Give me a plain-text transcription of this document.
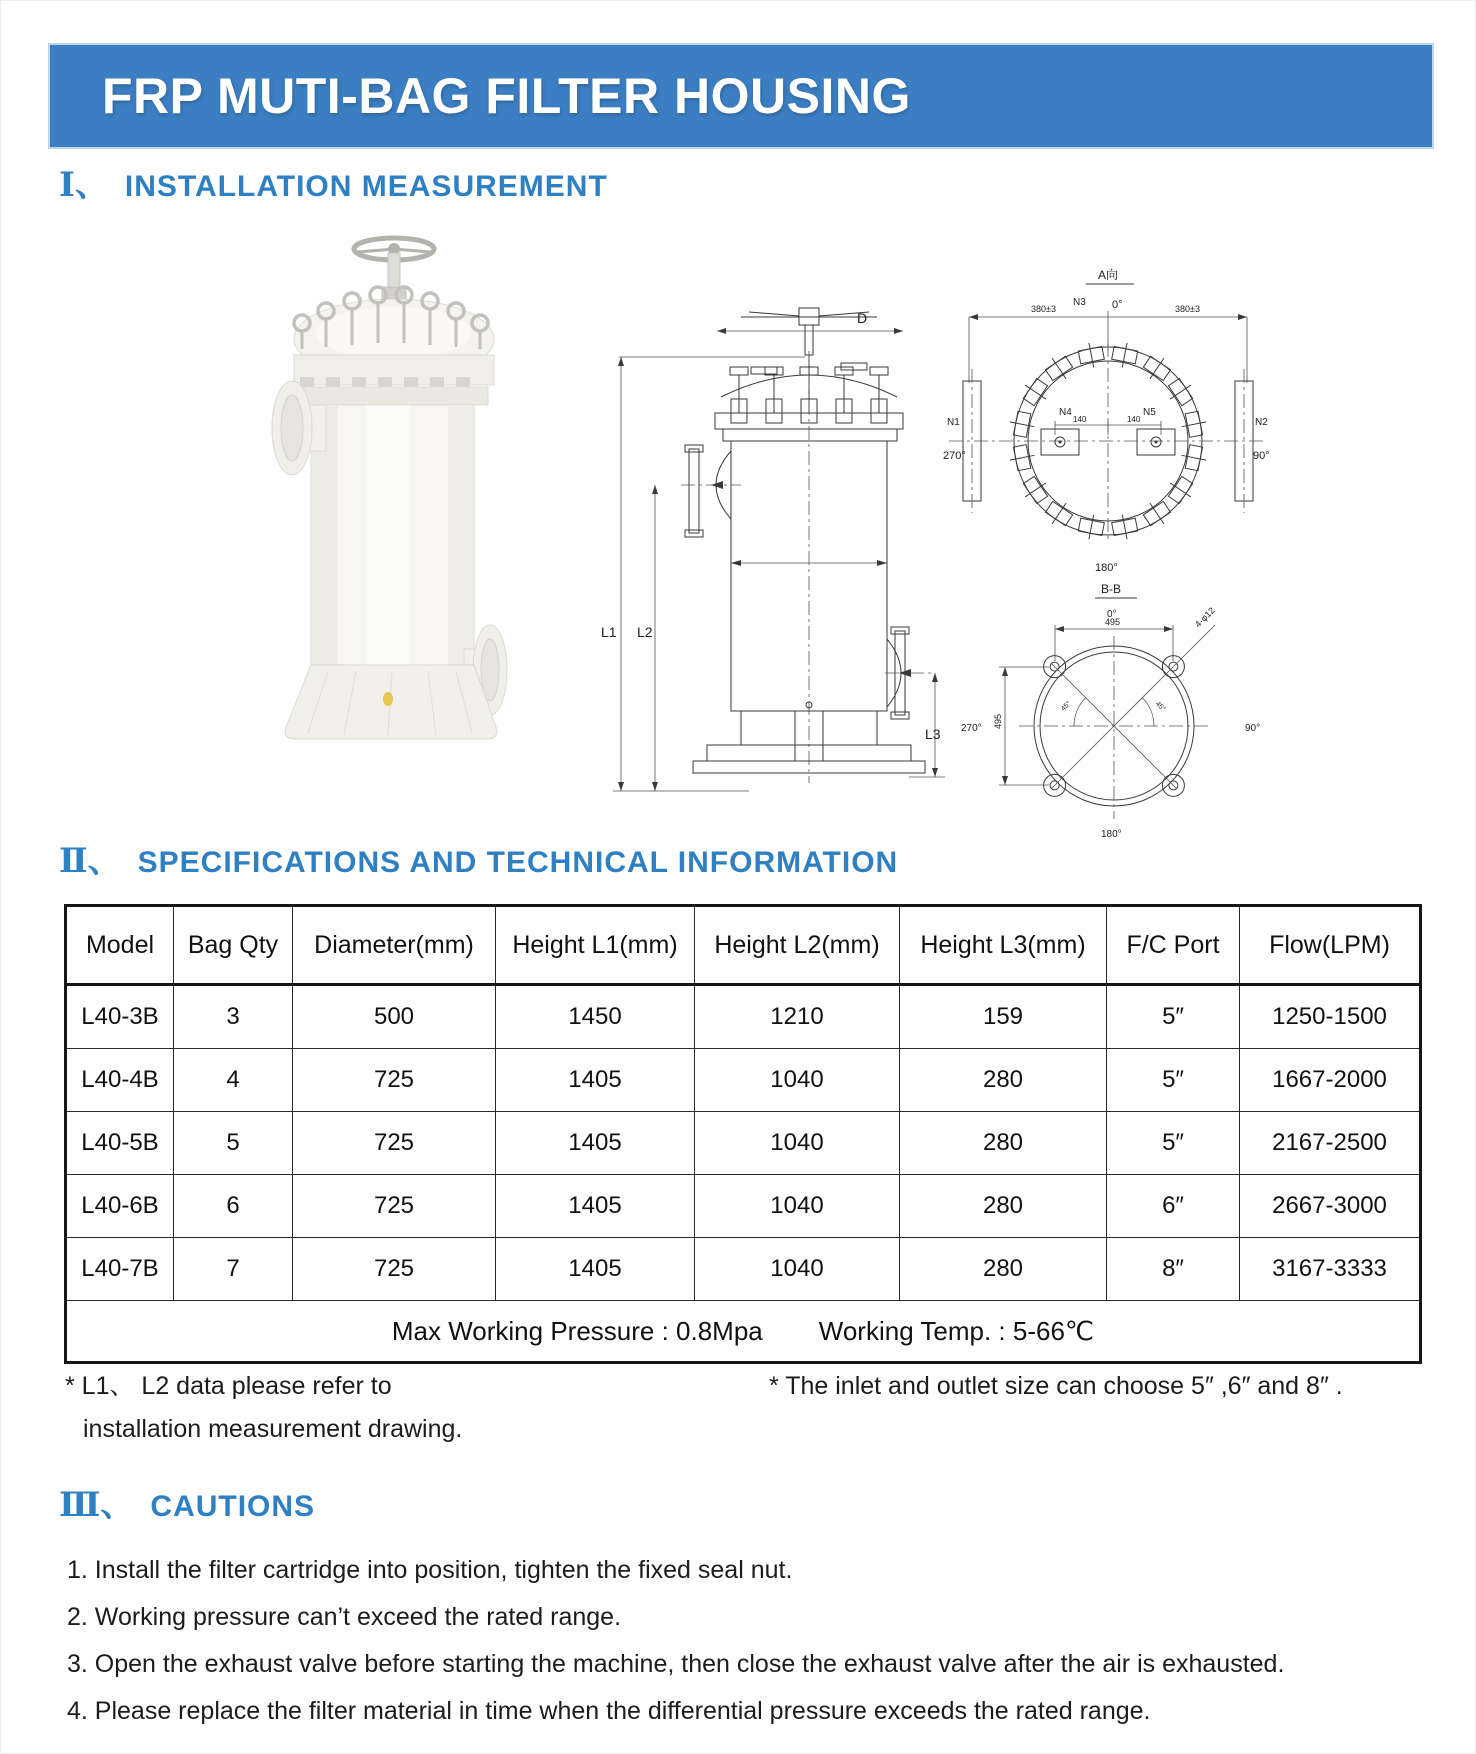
FRP MUTI-BAG FILTER HOUSING
Ⅰ、 INSTALLATION MEASUREMENT
D
L1 L2
L3
A向
N3 0°
380±3	380±3
N1
270°
N2
90°
N4	N5
140	140
180°
B-B
0°
495
45°	45°
4-φ12
495
270°	90°
180°
Ⅱ、 SPECIFICATIONS AND TECHNICAL INFORMATION
Model	Bag Qty	Diameter(mm)	Height L1(mm)	Height L2(mm)	Height L3(mm)	F/C Port	Flow(LPM)
L40-3B	3	500	1450	1210	159	5″	1250-1500
L40-4B	4	725	1405	1040	280	5″	1667-2000
L40-5B	5	725	1405	1040	280	5″	2167-2500
L40-6B	6	725	1405	1040	280	6″	2667-3000
L40-7B	7	725	1405	1040	280	8″	3167-3333

Max Working Pressure : 0.8Mpa Working Temp. : 5-66℃							
* L1、 L2 data please refer to
installation measurement drawing.
* The inlet and outlet size can choose 5″ ,6″ and 8″ .
Ⅲ、 CAUTIONS
1. Install the filter cartridge into position, tighten the fixed seal nut.
2. Working pressure can’t exceed the rated range.
3. Open the exhaust valve before starting the machine, then close the exhaust valve after the air is exhausted.
4. Please replace the filter material in time when the differential pressure exceeds the rated range.
